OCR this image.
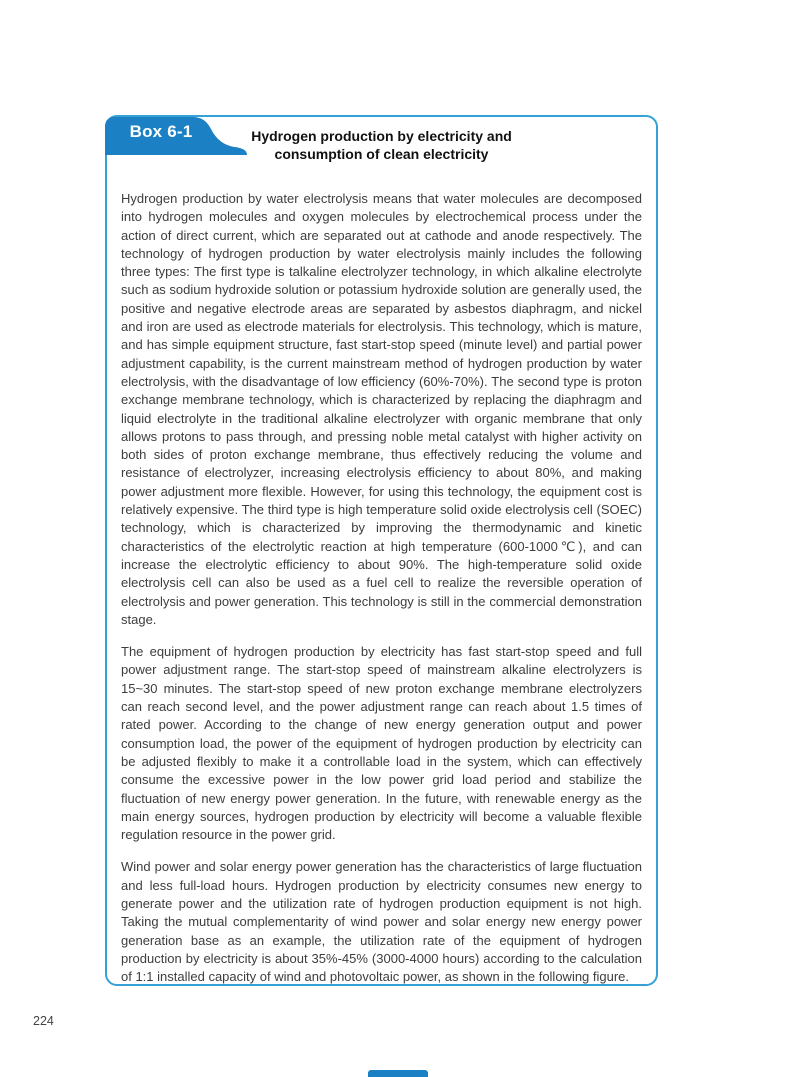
Box 6-1	Hydrogen production by electricity and
consumption of clean electricity

Hydrogen production by water electrolysis means that water molecules are decomposed into hydrogen molecules and oxygen molecules by electrochemical process under the action of direct current, which are separated out at cathode and anode respectively. The technology of hydrogen production by water electrolysis mainly includes the following three types: The first type is talkaline electrolyzer technology, in which alkaline electrolyte such as sodium hydroxide solution or potassium hydroxide solution are generally used, the positive and negative electrode areas are separated by asbestos diaphragm, and nickel and iron are used as electrode materials for electrolysis. This technology, which is mature, and has simple equipment structure, fast start-stop speed (minute level) and partial power adjustment capability, is the current mainstream method of hydrogen production by water electrolysis, with the disadvantage of low efficiency (60%-70%). The second type is proton exchange membrane technology, which is characterized by replacing the diaphragm and liquid electrolyte in the traditional alkaline electrolyzer with organic membrane that only allows protons to pass through, and pressing noble metal catalyst with higher activity on both sides of proton exchange membrane, thus effectively reducing the volume and resistance of electrolyzer, increasing electrolysis efficiency to about 80%, and making power adjustment more flexible. However, for using this technology, the equipment cost is relatively expensive. The third type is high temperature solid oxide electrolysis cell (SOEC) technology, which is characterized by improving the thermodynamic and kinetic characteristics of the electrolytic reaction at high temperature (600-1000℃), and can increase the electrolytic efficiency to about 90%. The high-temperature solid oxide electrolysis cell can also be used as a fuel cell to realize the reversible operation of electrolysis and power generation. This technology is still in the commercial demonstration stage.

The equipment of hydrogen production by electricity has fast start-stop speed and full power adjustment range. The start-stop speed of mainstream alkaline electrolyzers is 15~30 minutes. The start-stop speed of new proton exchange membrane electrolyzers can reach second level, and the power adjustment range can reach about 1.5 times of rated power. According to the change of new energy generation output and power consumption load, the power of the equipment of hydrogen production by electricity can be adjusted flexibly to make it a controllable load in the system, which can effectively consume the excessive power in the low power grid load period and stabilize the fluctuation of new energy power generation. In the future, with renewable energy as the main energy sources, hydrogen production by electricity will become a valuable flexible regulation resource in the power grid.

Wind power and solar energy power generation has the characteristics of large fluctuation and less full-load hours. Hydrogen production by electricity consumes new energy to generate power and the utilization rate of hydrogen production equipment is not high. Taking the mutual complementarity of wind power and solar energy new energy power generation base as an example, the utilization rate of the equipment of hydrogen production by electricity is about 35%-45% (3000-4000 hours) according to the calculation of 1:1 installed capacity of wind and photovoltaic power, as shown in the following figure.

224
